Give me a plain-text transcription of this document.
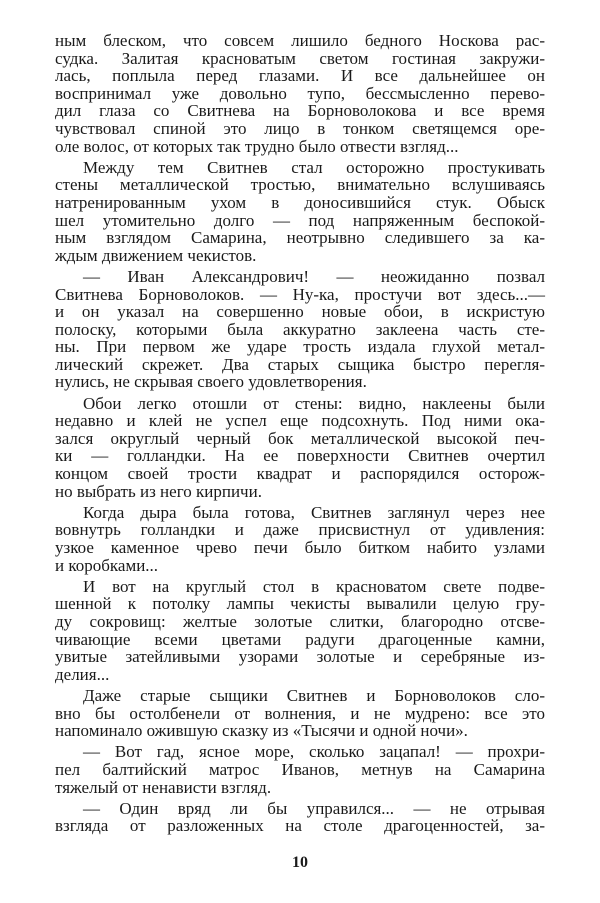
ным блеском, что совсем лишило бедного Носкова рас-
судка. Залитая красноватым светом гостиная закружи-
лась, поплыла перед глазами. И все дальнейшее он
воспринимал уже довольно тупо, бессмысленно перево-
дил глаза со Свитнева на Борноволокова и все время
чувствовал спиной это лицо в тонком светящемся оре-
оле волос, от которых так трудно было отвести взгляд...
Между тем Свитнев стал осторожно простукивать
стены металлической тростью, внимательно вслушиваясь
натренированным ухом в доносившийся стук. Обыск
шел утомительно долго — под напряженным беспокой-
ным взглядом Самарина, неотрывно следившего за ка-
ждым движением чекистов.
— Иван Александрович! — неожиданно позвал
Свитнева Борноволоков. — Ну-ка, простучи вот здесь...—
и он указал на совершенно новые обои, в искристую
полоску, которыми была аккуратно заклеена часть сте-
ны. При первом же ударе трость издала глухой метал-
лический скрежет. Два старых сыщика быстро перегля-
нулись, не скрывая своего удовлетворения.
Обои легко отошли от стены: видно, наклеены были
недавно и клей не успел еще подсохнуть. Под ними ока-
зался округлый черный бок металлической высокой печ-
ки — голландки. На ее поверхности Свитнев очертил
концом своей трости квадрат и распорядился осторож-
но выбрать из него кирпичи.
Когда дыра была готова, Свитнев заглянул через нее
вовнутрь голландки и даже присвистнул от удивления:
узкое каменное чрево печи было битком набито узлами
и коробками...
И вот на круглый стол в красноватом свете подве-
шенной к потолку лампы чекисты вывалили целую гру-
ду сокровищ: желтые золотые слитки, благородно отсве-
чивающие всеми цветами радуги драгоценные камни,
увитые затейливыми узорами золотые и серебряные из-
делия...
Даже старые сыщики Свитнев и Борноволоков сло-
вно бы остолбенели от волнения, и не мудрено: все это
напоминало ожившую сказку из «Тысячи и одной ночи».
— Вот гад, ясное море, сколько зацапал! — прохри-
пел балтийский матрос Иванов, метнув на Самарина
тяжелый от ненависти взгляд.
— Один вряд ли бы управился... — не отрывая
взгляда от разложенных на столе драгоценностей, за-
10
